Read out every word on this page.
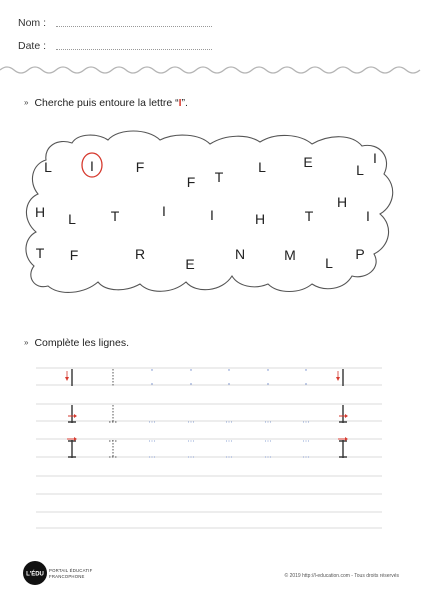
Nom :
Date :
» Cherche puis entoure la lettre “I”.
L	I	F
F T
L	E	L
I
H L T	I	I	H	T
H
I
T F	R
E
N	M L
P
» Complète les lignes.
L'ÉDU
PORTAIL ÉDUCATIF
FRANCOPHONE	© 2019 http://l-education.com - Tous droits réservés
